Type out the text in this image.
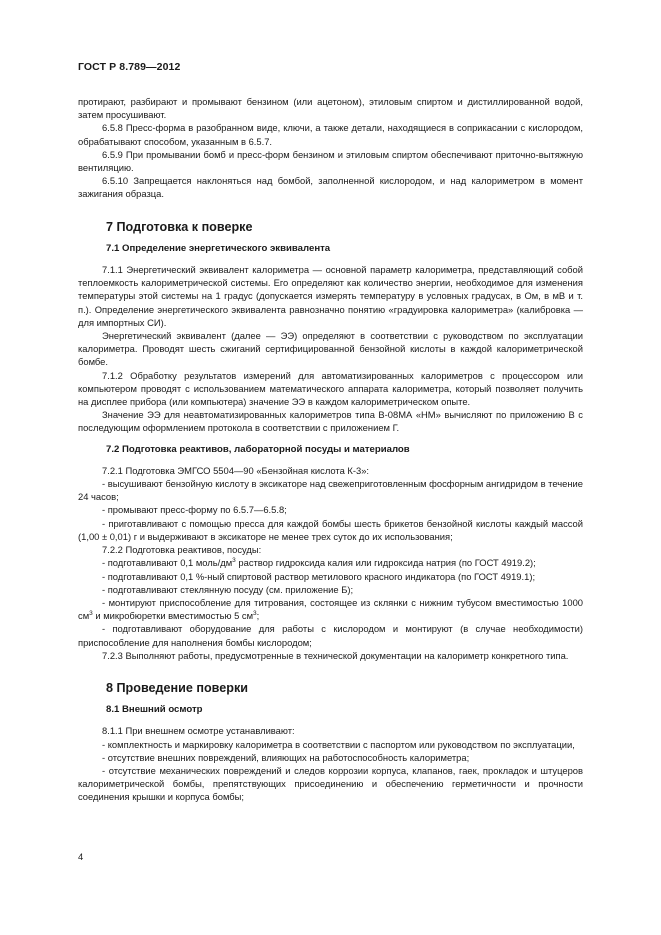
ГОСТ Р 8.789—2012

протирают, разбирают и промывают бензином (или ацетоном), этиловым спиртом и дистиллированной водой, затем просушивают.

6.5.8 Пресс-форма в разобранном виде, ключи, а также детали, находящиеся в соприкасании с кислородом, обрабатывают способом, указанным в 6.5.7.

6.5.9 При промывании бомб и пресс-форм бензином и этиловым спиртом обеспечивают приточно-вытяжную вентиляцию.

6.5.10 Запрещается наклоняться над бомбой, заполненной кислородом, и над калориметром в момент зажигания образца.

7 Подготовка к поверке
7.1 Определение энергетического эквивалента

7.1.1 Энергетический эквивалент калориметра — основной параметр калориметра, представляющий собой теплоемкость калориметрической системы. Его определяют как количество энергии, необходимое для изменения температуры этой системы на 1 градус (допускается измерять температуру в условных градусах, в Ом, в мВ и т. п.). Определение энергетического эквивалента равнозначно понятию «градуировка калориметра» (калибровка — для импортных СИ).

Энергетический эквивалент (далее — ЭЭ) определяют в соответствии с руководством по эксплуатации калориметра. Проводят шесть сжиганий сертифицированной бензойной кислоты в каждой калориметрической бомбе.

7.1.2 Обработку результатов измерений для автоматизированных калориметров с процессором или компьютером проводят с использованием математического аппарата калориметра, который позволяет получить на дисплее прибора (или компьютера) значение ЭЭ в каждом калориметрическом опыте.

Значение ЭЭ для неавтоматизированных калориметров типа В-08МА «НМ» вычисляют по приложению В с последующим оформлением протокола в соответствии с приложением Г.

7.2 Подготовка реактивов, лабораторной посуды и материалов

7.2.1 Подготовка ЭМГСО 5504—90 «Бензойная кислота К-3»:

- высушивают бензойную кислоту в эксикаторе над свежеприготовленным фосфорным ангидридом в течение 24 часов;

- промывают пресс-форму по 6.5.7—6.5.8;

- приготавливают с помощью пресса для каждой бомбы шесть брикетов бензойной кислоты каждый массой (1,00 ± 0,01) г и выдерживают в эксикаторе не менее трех суток до их использования;

7.2.2 Подготовка реактивов, посуды:

- подготавливают 0,1 моль/$дм^3$ раствор гидроксида калия или гидроксида натрия (по ГОСТ 4919.2);

- подготавливают 0,1 %-ный спиртовой раствор метилового красного индикатора (по ГОСТ 4919.1);

- подготавливают стеклянную посуду (см. приложение Б);

- монтируют приспособление для титрования, состоящее из склянки с нижним тубусом вместимостью 1000 $см^3$ и микробюретки вместимостью 5 $см^3$;

- подготавливают оборудование для работы с кислородом и монтируют (в случае необходимости) приспособление для наполнения бомбы кислородом;

7.2.3 Выполняют работы, предусмотренные в технической документации на калориметр конкретного типа.

8 Проведение поверки
8.1 Внешний осмотр

8.1.1 При внешнем осмотре устанавливают:

- комплектность и маркировку калориметра в соответствии с паспортом или руководством по эксплуатации,

- отсутствие внешних повреждений, влияющих на работоспособность калориметра;

- отсутствие механических повреждений и следов коррозии корпуса, клапанов, гаек, прокладок и штуцеров калориметрической бомбы, препятствующих присоединению и обеспечению герметичности и прочности соединения крышки и корпуса бомбы;

4
